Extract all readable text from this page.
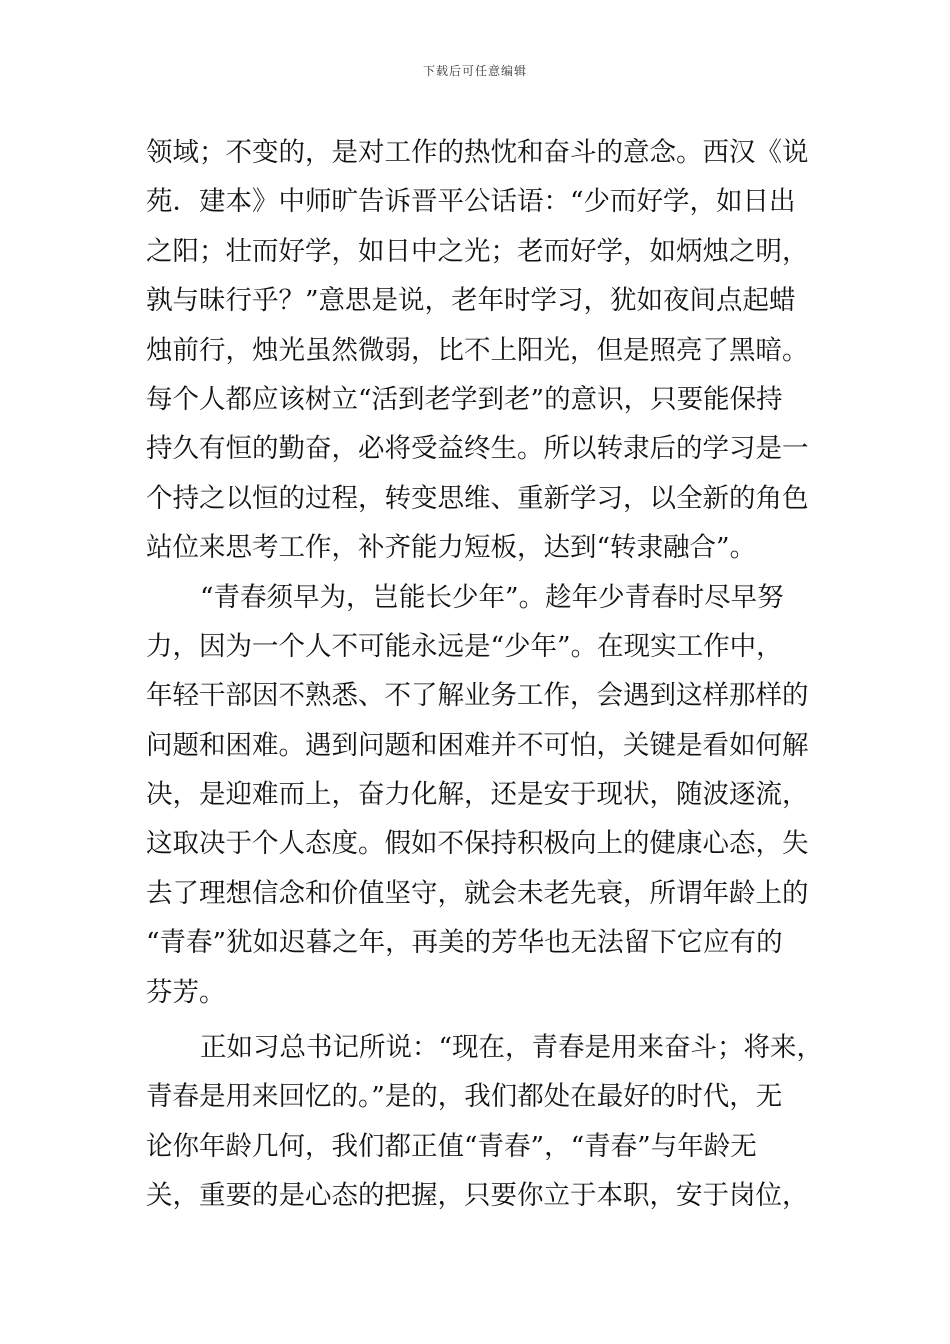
下载后可任意编辑
领域；不变的，是对工作的热忱和奋斗的意念。西汉《说
苑．建本》中师旷告诉晋平公话语：“少而好学，如日出
之阳；壮而好学，如日中之光；老而好学，如炳烛之明，
孰与昧行乎？”意思是说，老年时学习，犹如夜间点起蜡
烛前行，烛光虽然微弱，比不上阳光，但是照亮了黑暗。
每个人都应该树立“活到老学到老”的意识，只要能保持
持久有恒的勤奋，必将受益终生。所以转隶后的学习是一
个持之以恒的过程，转变思维、重新学习，以全新的角色
站位来思考工作，补齐能力短板，达到“转隶融合”。
“青春须早为，岂能长少年”。趁年少青春时尽早努
力，因为一个人不可能永远是“少年”。在现实工作中，
年轻干部因不熟悉、不了解业务工作，会遇到这样那样的
问题和困难。遇到问题和困难并不可怕，关键是看如何解
决，是迎难而上，奋力化解，还是安于现状，随波逐流，
这取决于个人态度。假如不保持积极向上的健康心态，失
去了理想信念和价值坚守，就会未老先衰，所谓年龄上的
“青春”犹如迟暮之年，再美的芳华也无法留下它应有的
芬芳。
正如习总书记所说：“现在，青春是用来奋斗；将来，
青春是用来回忆的。”是的，我们都处在最好的时代，无
论你年龄几何，我们都正值“青春”，“青春”与年龄无
关，重要的是心态的把握，只要你立于本职，安于岗位，
